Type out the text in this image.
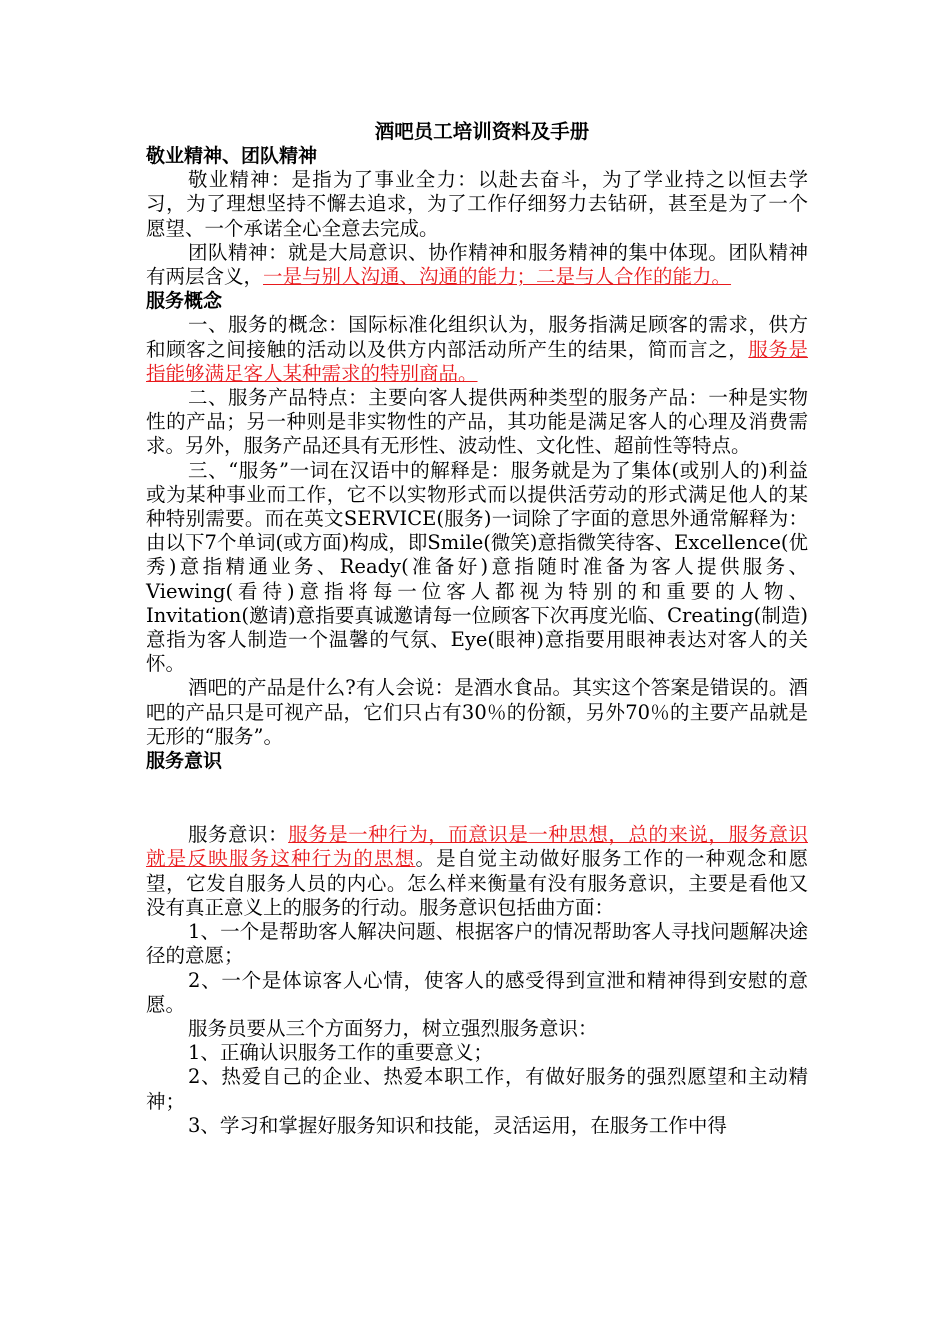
酒吧员工培训资料及手册

敬业精神、团队精神

敬业精神：是指为了事业全力：以赴去奋斗，为了学业持之以恒去学习，为了理想坚持不懈去追求，为了工作仔细努力去钻研，甚至是为了一个愿望、一个承诺全心全意去完成。

团队精神：就是大局意识、协作精神和服务精神的集中体现。团队精神有两层含义，一是与别人沟通、沟通的能力；二是与人合作的能力。

服务概念

一、服务的概念：国际标准化组织认为，服务指满足顾客的需求，供方和顾客之间接触的活动以及供方内部活动所产生的结果，简而言之，服务是指能够满足客人某种需求的特别商品。

二、服务产品特点：主要向客人提供两种类型的服务产品：一种是实物性的产品；另一种则是非实物性的产品，其功能是满足客人的心理及消费需求。另外，服务产品还具有无形性、波动性、文化性、超前性等特点。

三、“服务”一词在汉语中的解释是：服务就是为了集体(或别人的)利益或为某种事业而工作，它不以实物形式而以提供活劳动的形式满足他人的某种特别需要。而在英文SERVICE(服务)一词除了字面的意思外通常解释为：由以下7个单词(或方面)构成，即Smile(微笑)意指微笑待客、Excellence(优秀)意指精通业务、Ready(准备好)意指随时准备为客人提供服务、Viewing(看待)意指将每一位客人都视为特别的和重要的人物、Invitation(邀请)意指要真诚邀请每一位顾客下次再度光临、Creating(制造)意指为客人制造一个温馨的气氛、Eye(眼神)意指要用眼神表达对客人的关怀。

酒吧的产品是什么?有人会说：是酒水食品。其实这个答案是错误的。酒吧的产品只是可视产品，它们只占有30％的份额，另外70％的主要产品就是无形的“服务”。

服务意识

服务意识：服务是一种行为，而意识是一种思想，总的来说，服务意识就是反映服务这种行为的思想。是自觉主动做好服务工作的一种观念和愿望，它发自服务人员的内心。怎么样来衡量有没有服务意识，主要是看他又没有真正意义上的服务的行动。服务意识包括曲方面：

1、一个是帮助客人解决问题、根据客户的情况帮助客人寻找问题解决途径的意愿；

2、一个是体谅客人心情，使客人的感受得到宣泄和精神得到安慰的意愿。

服务员要从三个方面努力，树立强烈服务意识：

1、正确认识服务工作的重要意义；

2、热爱自己的企业、热爱本职工作，有做好服务的强烈愿望和主动精神；

3、学习和掌握好服务知识和技能，灵活运用，在服务工作中得
